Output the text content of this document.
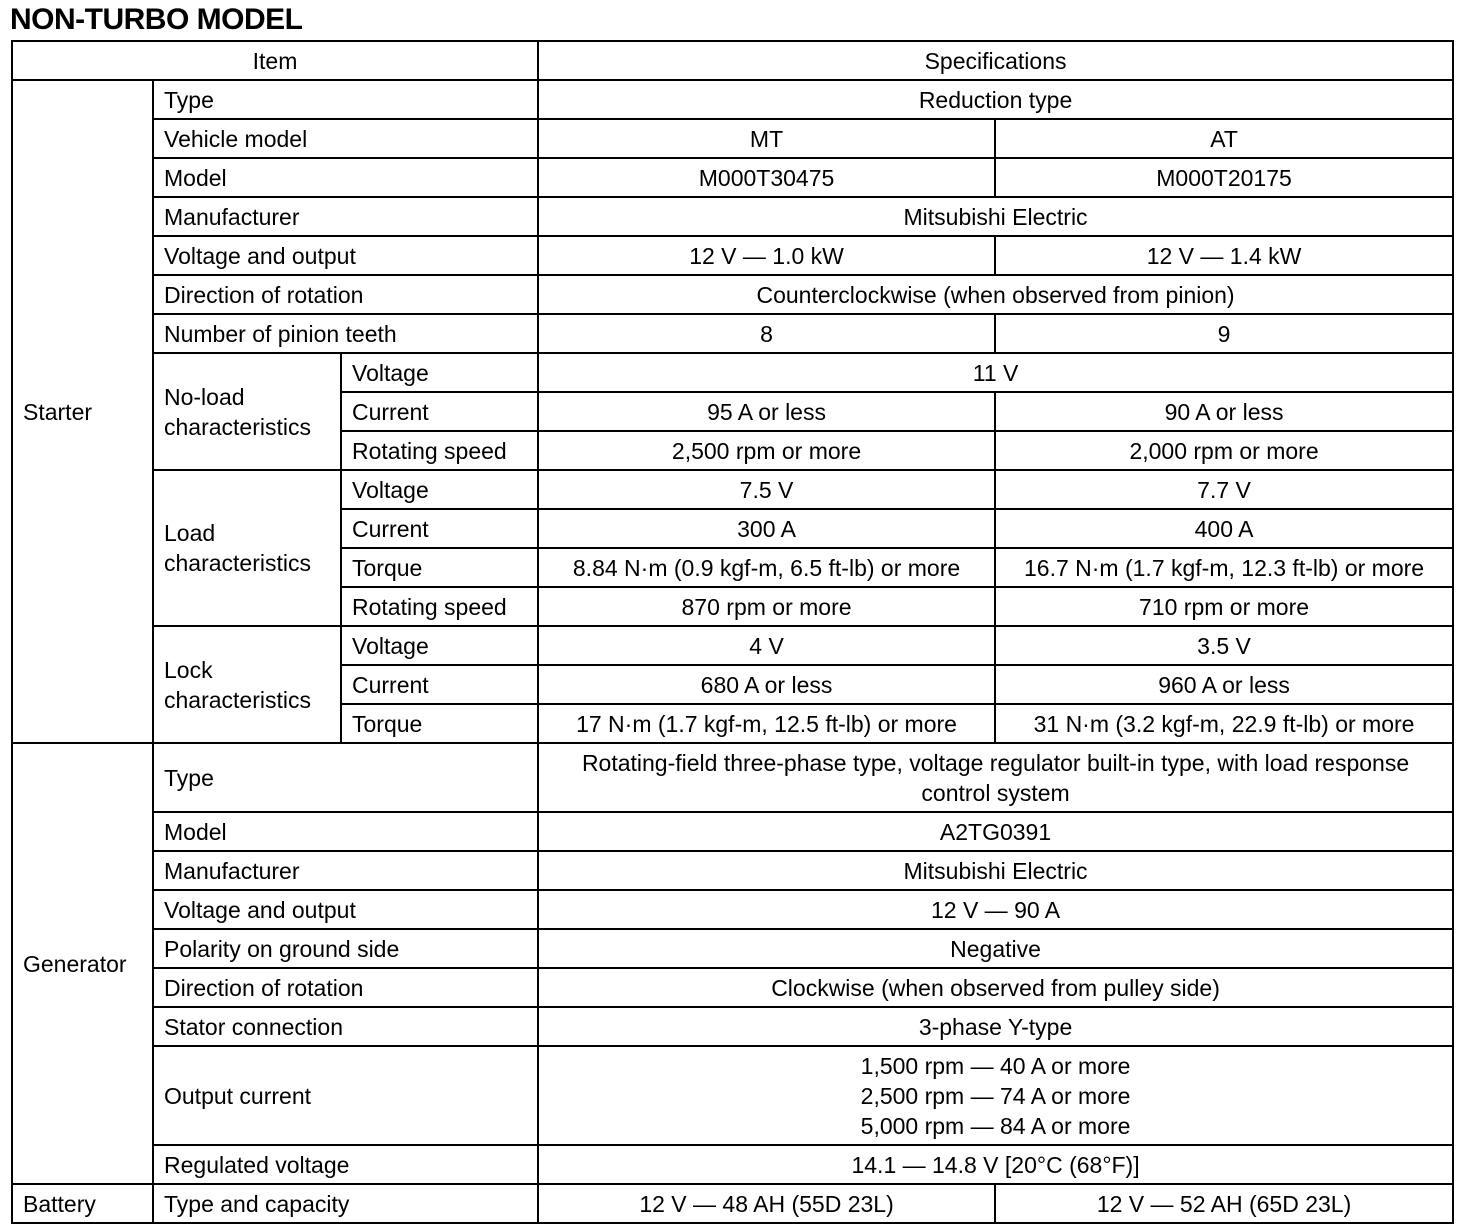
NON-TURBO MODEL
Item			Specifications	
Starter	Type		Reduction type	
	Vehicle model		MT	AT
	Model		M000T30475	M000T20175
	Manufacturer		Mitsubishi Electric	
	Voltage and output		12 V — 1.0 kW	12 V — 1.4 kW
	Direction of rotation		Counterclockwise (when observed from pinion)	
	Number of pinion teeth		8	9
	No-load characteristics	Voltage	11 V	
		Current	95 A or less	90 A or less
		Rotating speed	2,500 rpm or more	2,000 rpm or more
	Load characteristics	Voltage	7.5 V	7.7 V
		Current	300 A	400 A
		Torque	8.84 N·m (0.9 kgf-m, 6.5 ft-lb) or more	16.7 N·m (1.7 kgf-m, 12.3 ft-lb) or more
		Rotating speed	870 rpm or more	710 rpm or more
	Lock characteristics	Voltage	4 V	3.5 V
		Current	680 A or less	960 A or less
		Torque	17 N·m (1.7 kgf-m, 12.5 ft-lb) or more	31 N·m (3.2 kgf-m, 22.9 ft-lb) or more
Generator	Type		Rotating-field three-phase type, voltage regulator built-in type, with load response control system	
	Model		A2TG0391	
	Manufacturer		Mitsubishi Electric	
	Voltage and output		12 V — 90 A	
	Polarity on ground side		Negative	
	Direction of rotation		Clockwise (when observed from pulley side)	
	Stator connection		3-phase Y-type	
	Output current		1,500 rpm — 40 A or more
2,500 rpm — 74 A or more
5,000 rpm — 84 A or more	

	Regulated voltage		14.1 — 14.8 V [20°C (68°F)]	
Battery	Type and capacity		12 V — 48 AH (55D 23L)	12 V — 52 AH (65D 23L)
